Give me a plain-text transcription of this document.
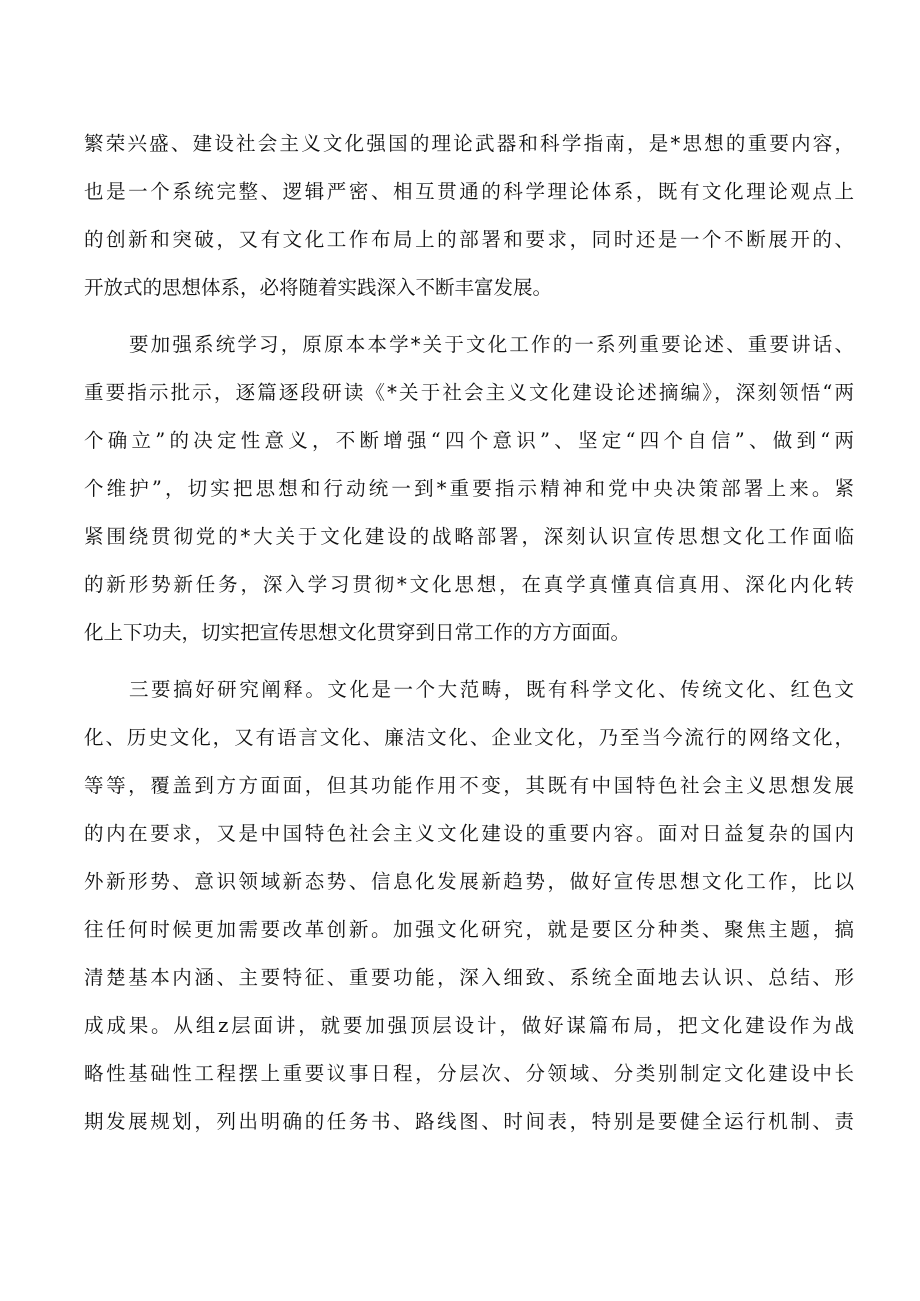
繁荣兴盛、建设社会主义文化强国的理论武器和科学指南，是*思想的重要内容，
也是一个系统完整、逻辑严密、相互贯通的科学理论体系，既有文化理论观点上
的创新和突破，又有文化工作布局上的部署和要求，同时还是一个不断展开的、
开放式的思想体系，必将随着实践深入不断丰富发展。
要加强系统学习，原原本本学*关于文化工作的一系列重要论述、重要讲话、
重要指示批示，逐篇逐段研读《*关于社会主义文化建设论述摘编》，深刻领悟“两
个确立”的决定性意义，不断增强“四个意识”、坚定“四个自信”、做到“两
个维护”，切实把思想和行动统一到*重要指示精神和党中央决策部署上来。紧
紧围绕贯彻党的*大关于文化建设的战略部署，深刻认识宣传思想文化工作面临
的新形势新任务，深入学习贯彻*文化思想，在真学真懂真信真用、深化内化转
化上下功夫，切实把宣传思想文化贯穿到日常工作的方方面面。
三要搞好研究阐释。文化是一个大范畴，既有科学文化、传统文化、红色文
化、历史文化，又有语言文化、廉洁文化、企业文化，乃至当今流行的网络文化，
等等，覆盖到方方面面，但其功能作用不变，其既有中国特色社会主义思想发展
的内在要求，又是中国特色社会主义文化建设的重要内容。面对日益复杂的国内
外新形势、意识领域新态势、信息化发展新趋势，做好宣传思想文化工作，比以
往任何时候更加需要改革创新。加强文化研究，就是要区分种类、聚焦主题，搞
清楚基本内涵、主要特征、重要功能，深入细致、系统全面地去认识、总结、形
成成果。从组z层面讲，就要加强顶层设计，做好谋篇布局，把文化建设作为战
略性基础性工程摆上重要议事日程，分层次、分领域、分类别制定文化建设中长
期发展规划，列出明确的任务书、路线图、时间表，特别是要健全运行机制、责
